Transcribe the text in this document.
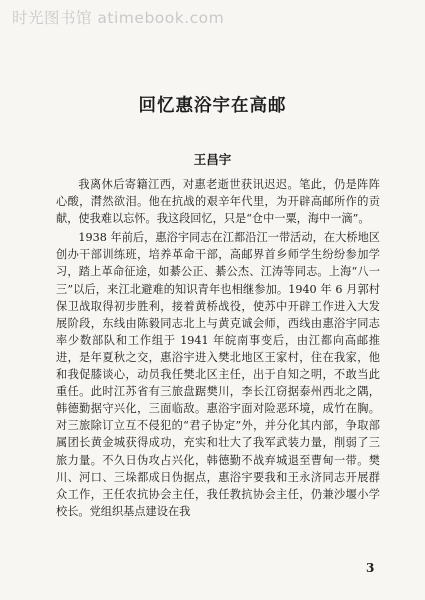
时光图书馆 atimebook.com
回忆惠浴宇在高邮
王昌宇

我离休后寄籍江西，对惠老逝世获讯迟迟。笔此，仍是阵阵心酸，潸然欲泪。他在抗战的艰辛年代里，为开辟高邮所作的贡献，使我难以忘怀。我这段回忆，只是“仓中一粟，海中一滴”。

1938 年前后，惠浴宇同志在江都沿江一带活动，在大桥地区创办干部训练班，培养革命干部，高邮界首乡师学生纷纷参加学习，踏上革命征途，如綦公正、綦公杰、江涛等同志。上海“八一三”以后，来江北避难的知识青年也相继参加。1940 年 6 月郭村保卫战取得初步胜利，接着黄桥战役，使苏中开辟工作进入大发展阶段，东线由陈毅同志北上与黄克诚会师，西线由惠浴宇同志率少数部队和工作组于 1941 年皖南事变后，由江都向高邮推进，是年夏秋之交，惠浴宇进入樊北地区王家村，住在我家，他和我促膝谈心，动员我任樊北区主任，出于自知之明，不敢当此重任。此时江苏省有三旅盘踞樊川，李长江窃据泰州西北之隅，韩德勤据守兴化，三面临敌。惠浴宇面对险恶环境，成竹在胸。对三旅除订立互不侵犯的“君子协定”外，并分化其内部，争取部属团长黄金城获得成功，充实和壮大了我军武装力量，削弱了三旅力量。不久日伪攻占兴化，韩德勤不战弃城退至曹甸一带。樊川、河口、三垛都成日伪据点，惠浴宇要我和王永济同志开展群众工作，王任农抗协会主任，我任教抗协会主任，仍兼沙堰小学校长。党组织基点建设在我

3
